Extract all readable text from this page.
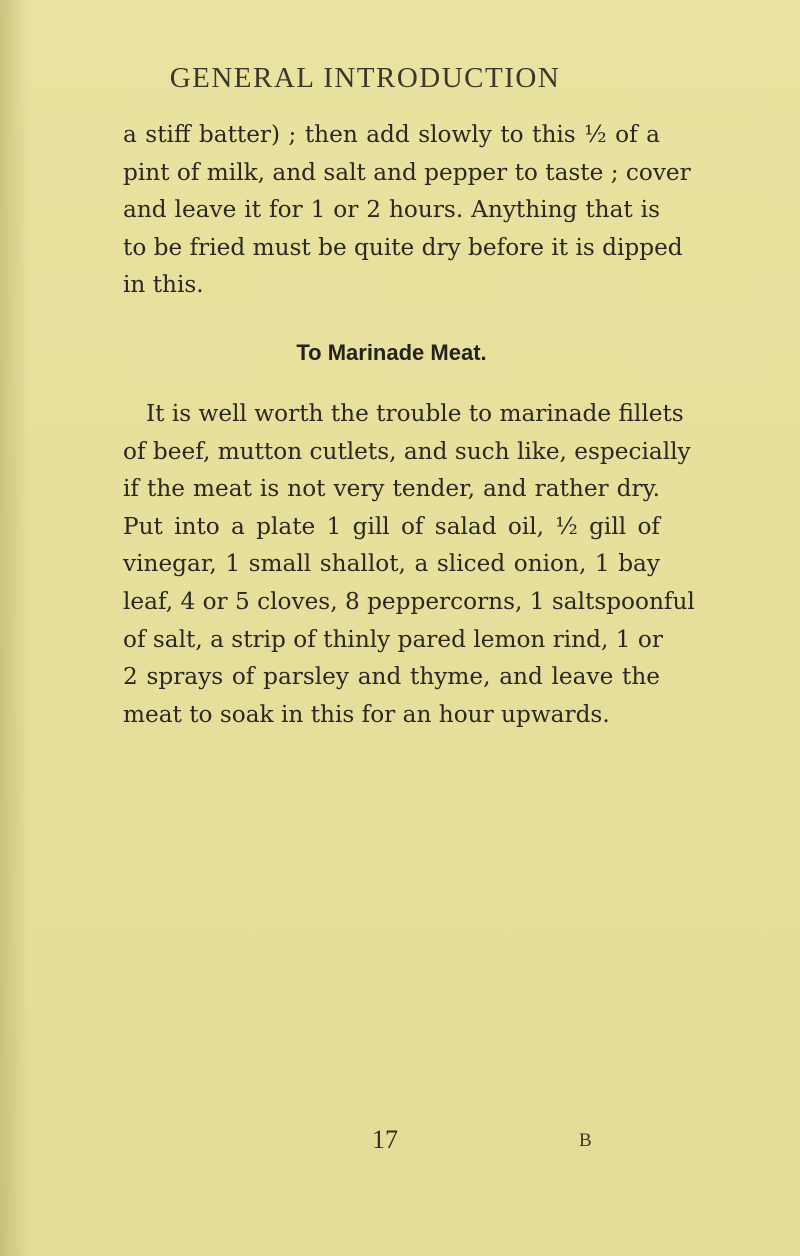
GENERAL INTRODUCTION
a stiff batter) ; then add slowly to this ½ of a
pint of milk, and salt and pepper to taste ; cover
and leave it for 1 or 2 hours. Anything that is
to be fried must be quite dry before it is dipped
in this.
To Marinade Meat.
It is well worth the trouble to marinade fillets
of beef, mutton cutlets, and such like, especially
if the meat is not very tender, and rather dry.
Put into a plate 1 gill of salad oil, ½ gill of
vinegar, 1 small shallot, a sliced onion, 1 bay
leaf, 4 or 5 cloves, 8 peppercorns, 1 saltspoonful
of salt, a strip of thinly pared lemon rind, 1 or
2 sprays of parsley and thyme, and leave the
meat to soak in this for an hour upwards.
17	B
